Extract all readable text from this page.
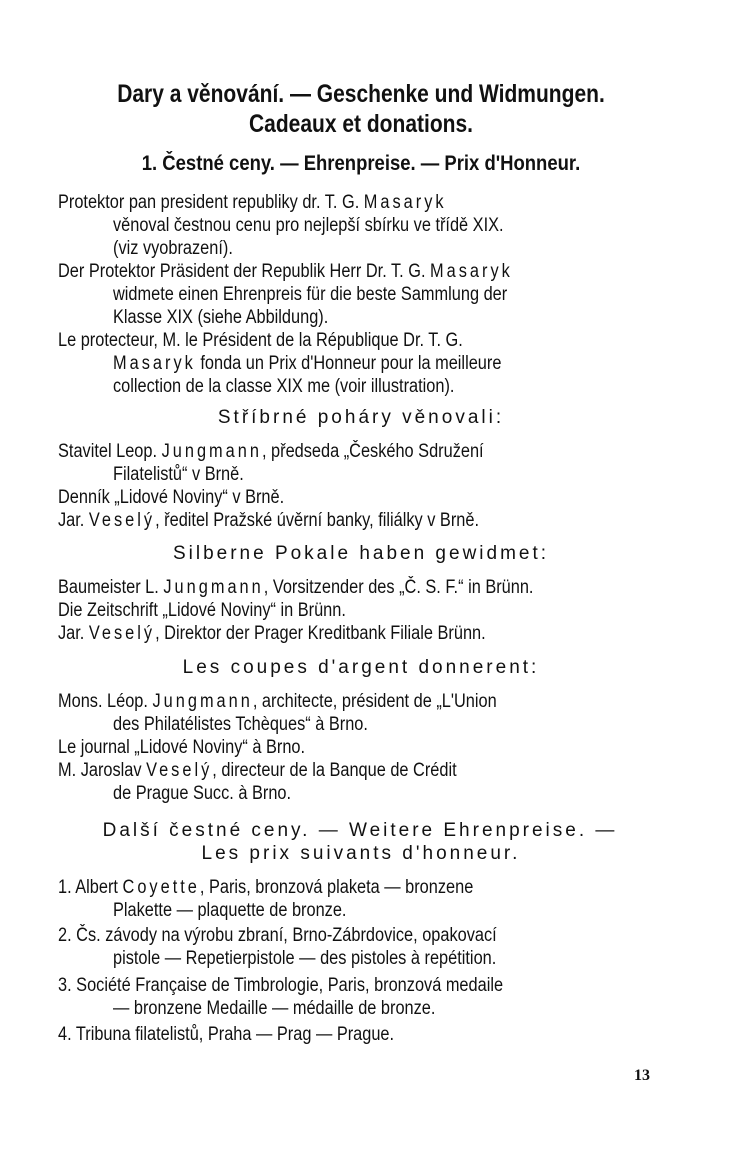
Dary a věnování. — Geschenke und Widmungen.
Cadeaux et donations.
1. Čestné ceny. — Ehrenpreise. — Prix d'Honneur.
Protektor pan president republiky dr. T. G. Masaryk
věnoval čestnou cenu pro nejlepší sbírku ve třídě XIX.
(viz vyobrazení).
Der Protektor Präsident der Republik Herr Dr. T. G. Masaryk
widmete einen Ehrenpreis für die beste Sammlung der
Klasse XIX (siehe Abbildung).
Le protecteur, M. le Président de la République Dr. T. G.
Masaryk fonda un Prix d'Honneur pour la meilleure
collection de la classe XIX me (voir illustration).
Stříbrné poháry věnovali:
Stavitel Leop. Jungmann, předseda „Českého Sdružení
Filatelistů“ v Brně.
Denník „Lidové Noviny“ v Brně.
Jar. Veselý, ředitel Pražské úvěrní banky, filiálky v Brně.
Silberne Pokale haben gewidmet:
Baumeister L. Jungmann, Vorsitzender des „Č. S. F.“ in Brünn.
Die Zeitschrift „Lidové Noviny“ in Brünn.
Jar. Veselý, Direktor der Prager Kreditbank Filiale Brünn.
Les coupes d'argent donnerent:
Mons. Léop. Jungmann, architecte, président de „L'Union
des Philatélistes Tchèques“ à Brno.
Le journal „Lidové Noviny“ à Brno.
M. Jaroslav Veselý, directeur de la Banque de Crédit
de Prague Succ. à Brno.
Další čestné ceny. — Weitere Ehrenpreise. —
Les prix suivants d'honneur.
1. Albert Coyette, Paris, bronzová plaketa — bronzene
Plakette — plaquette de bronze.
2. Čs. závody na výrobu zbraní, Brno-Zábrdovice, opakovací
pistole — Repetierpistole — des pistoles à repétition.
3. Société Française de Timbrologie, Paris, bronzová medaile
— bronzene Medaille — médaille de bronze.
4. Tribuna filatelistů, Praha — Prag — Prague.
13
